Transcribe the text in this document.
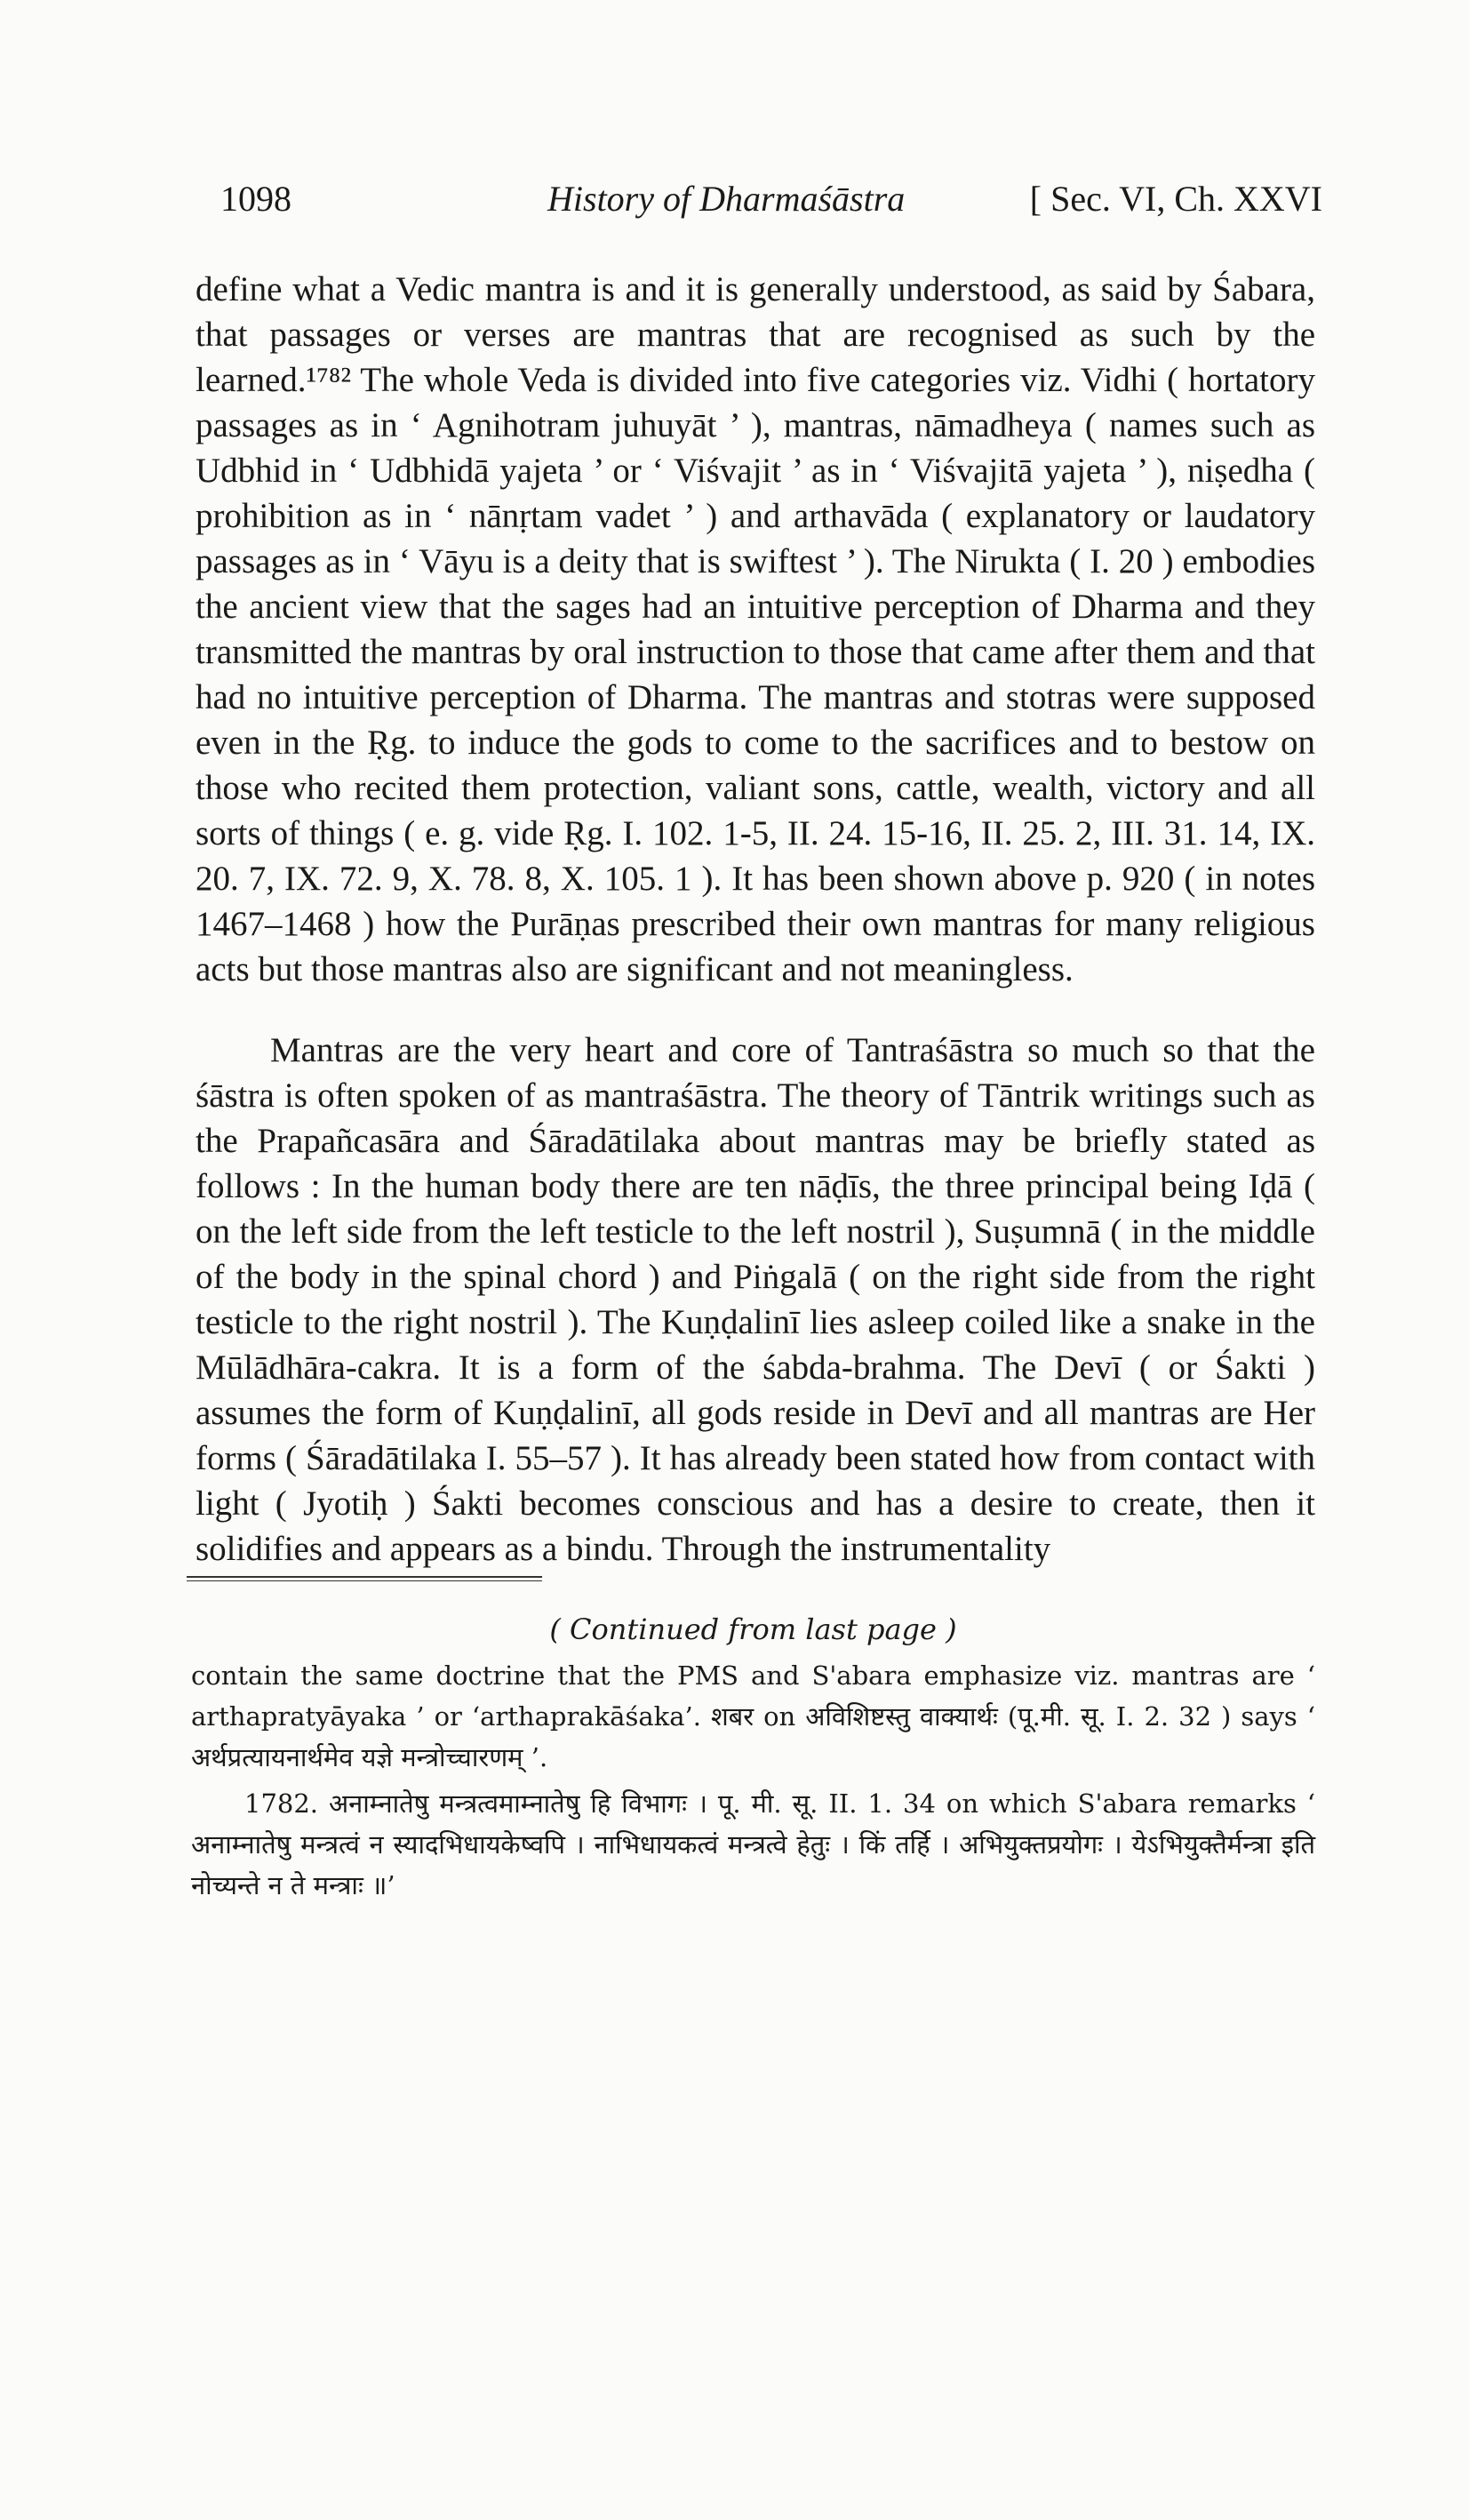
1098	History of Dharmaśāstra	[ Sec. VI, Ch. XXVI

define what a Vedic mantra is and it is generally understood, as said by Śabara, that passages or verses are mantras that are recognised as such by the learned.¹⁷⁸² The whole Veda is divided into five categories viz. Vidhi ( hortatory passages as in ‘ Agnihotram juhuyāt ’ ), mantras, nāmadheya ( names such as Udbhid in ‘ Udbhidā yajeta ’ or ‘ Viśvajit ’ as in ‘ Viśvajitā yajeta ’ ), niṣedha ( prohibition as in ‘ nānṛtam vadet ’ ) and arthavāda ( explanatory or laudatory passages as in ‘ Vāyu is a deity that is swiftest ’ ). The Nirukta ( I. 20 ) embodies the ancient view that the sages had an intuitive perception of Dharma and they transmitted the mantras by oral instruction to those that came after them and that had no intuitive perception of Dharma. The mantras and stotras were supposed even in the Ṛg. to induce the gods to come to the sacrifices and to bestow on those who recited them protection, valiant sons, cattle, wealth, victory and all sorts of things ( e. g. vide Ṛg. I. 102. 1-5, II. 24. 15-16, II. 25. 2, III. 31. 14, IX. 20. 7, IX. 72. 9, X. 78. 8, X. 105. 1 ). It has been shown above p. 920 ( in notes 1467–1468 ) how the Purāṇas prescribed their own mantras for many religious acts but those mantras also are significant and not meaningless.

Mantras are the very heart and core of Tantraśāstra so much so that the śāstra is often spoken of as mantraśāstra. The theory of Tāntrik writings such as the Prapañcasāra and Śāradātilaka about mantras may be briefly stated as follows : In the human body there are ten nāḍīs, the three principal being Iḍā ( on the left side from the left testicle to the left nostril ), Suṣumnā ( in the middle of the body in the spinal chord ) and Piṅgalā ( on the right side from the right testicle to the right nostril ). The Kuṇḍalinī lies asleep coiled like a snake in the Mūlādhāra-cakra. It is a form of the śabda-brahma. The Devī ( or Śakti ) assumes the form of Kuṇḍalinī, all gods reside in Devī and all mantras are Her forms ( Śāradātilaka I. 55–57 ). It has already been stated how from contact with light ( Jyotiḥ ) Śakti becomes conscious and has a desire to create, then it solidifies and appears as a bindu. Through the instrumentality

( Continued from last page )

contain the same doctrine that the PMS and S'abara emphasize viz. mantras are ‘ arthapratyāyaka ’ or ‘arthaprakāśaka’. शबर on अविशिष्टस्तु वाक्यार्थः (पू.मी. सू. I. 2. 32 ) says ‘ अर्थप्रत्यायनार्थमेव यज्ञे मन्त्रोच्चारणम् ’.

1782. अनाम्नातेषु मन्त्रत्वमाम्नातेषु हि विभागः । पू. मी. सू. II. 1. 34 on which S'abara remarks ‘ अनाम्नातेषु मन्त्रत्वं न स्यादभिधायकेष्वपि । नाभिधायकत्वं मन्त्रत्वे हेतुः । किं तर्हि । अभियुक्तप्रयोगः । येऽभियुक्तैर्मन्त्रा इति नोच्यन्ते न ते मन्त्राः ॥’
